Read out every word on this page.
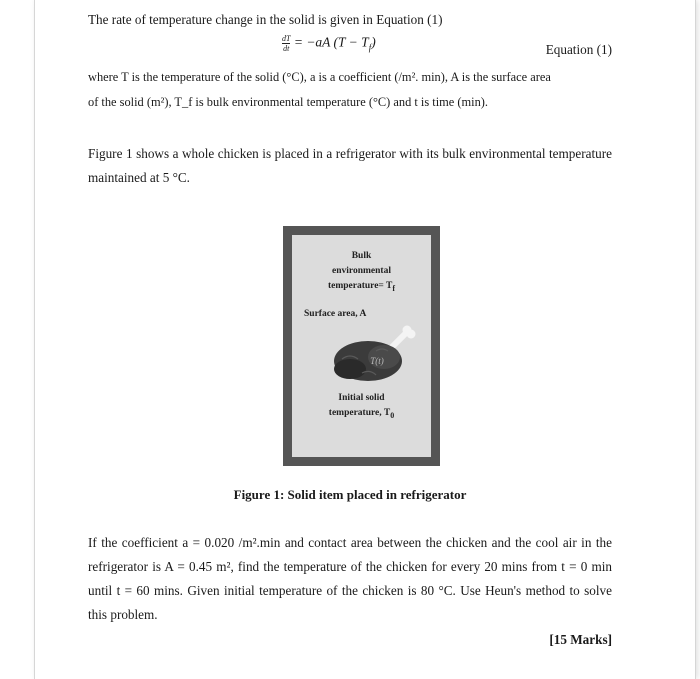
The rate of temperature change in the solid is given in Equation (1)
$\frac{dT}{dt} = -aA$ $(T - T_f)$	Equation (1)
where T is the temperature of the solid (°C), a is a coefficient (/m². min), A is the surface area
of the solid (m²), T_f is bulk environmental temperature (°C) and t is time (min).
Figure 1 shows a whole chicken is placed in a refrigerator with its bulk environmental temperature maintained at 5 °C.
Bulk
environmental
temperature= $T_f$
Surface area, A
T(t)
Initial solid
temperature, $T_0$
Figure 1: Solid item placed in refrigerator
If the coefficient a = 0.020 /m².min and contact area between the chicken and the cool air in the refrigerator is A = 0.45 m², find the temperature of the chicken for every 20 mins from t = 0 min until t = 60 mins. Given initial temperature of the chicken is 80 °C. Use Heun's method to solve this problem.
[15 Marks]
